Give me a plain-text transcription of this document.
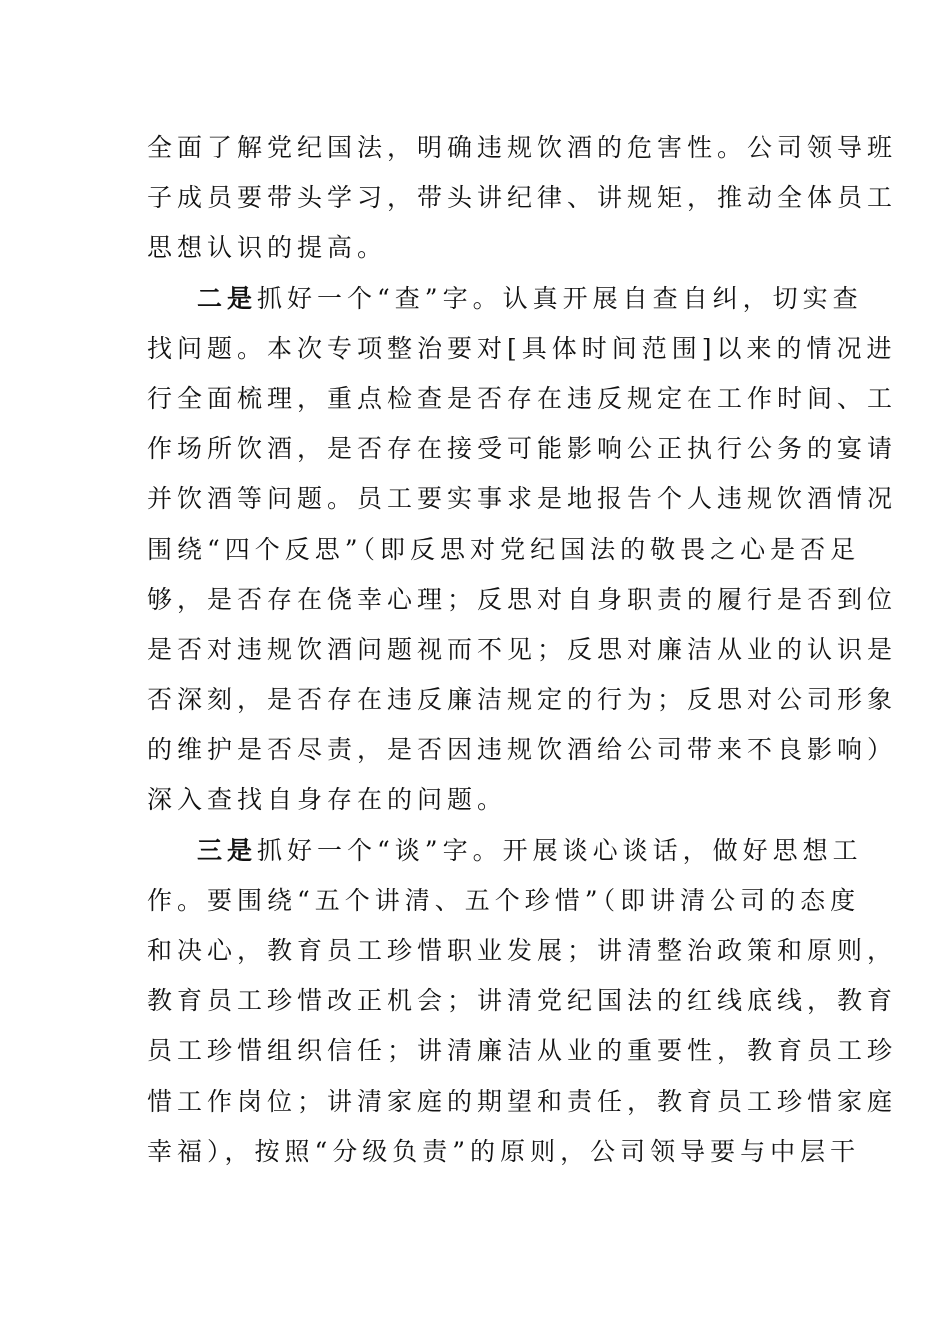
全面了解党纪国法，明确违规饮酒的危害性。公司领导班
子成员要带头学习，带头讲纪律、讲规矩，推动全体员工
思想认识的提高。
二是抓好一个“查”字。认真开展自查自纠，切实查
找问题。本次专项整治要对[具体时间范围]以来的情况进
行全面梳理，重点检查是否存在违反规定在工作时间、工
作场所饮酒，是否存在接受可能影响公正执行公务的宴请
并饮酒等问题。员工要实事求是地报告个人违规饮酒情况
围绕“四个反思”（即反思对党纪国法的敬畏之心是否足
够，是否存在侥幸心理；反思对自身职责的履行是否到位
是否对违规饮酒问题视而不见；反思对廉洁从业的认识是
否深刻，是否存在违反廉洁规定的行为；反思对公司形象
的维护是否尽责，是否因违规饮酒给公司带来不良影响）
深入查找自身存在的问题。
三是抓好一个“谈”字。开展谈心谈话，做好思想工
作。要围绕“五个讲清、五个珍惜”（即讲清公司的态度
和决心，教育员工珍惜职业发展；讲清整治政策和原则，
教育员工珍惜改正机会；讲清党纪国法的红线底线，教育
员工珍惜组织信任；讲清廉洁从业的重要性，教育员工珍
惜工作岗位；讲清家庭的期望和责任，教育员工珍惜家庭
幸福），按照“分级负责”的原则，公司领导要与中层干
